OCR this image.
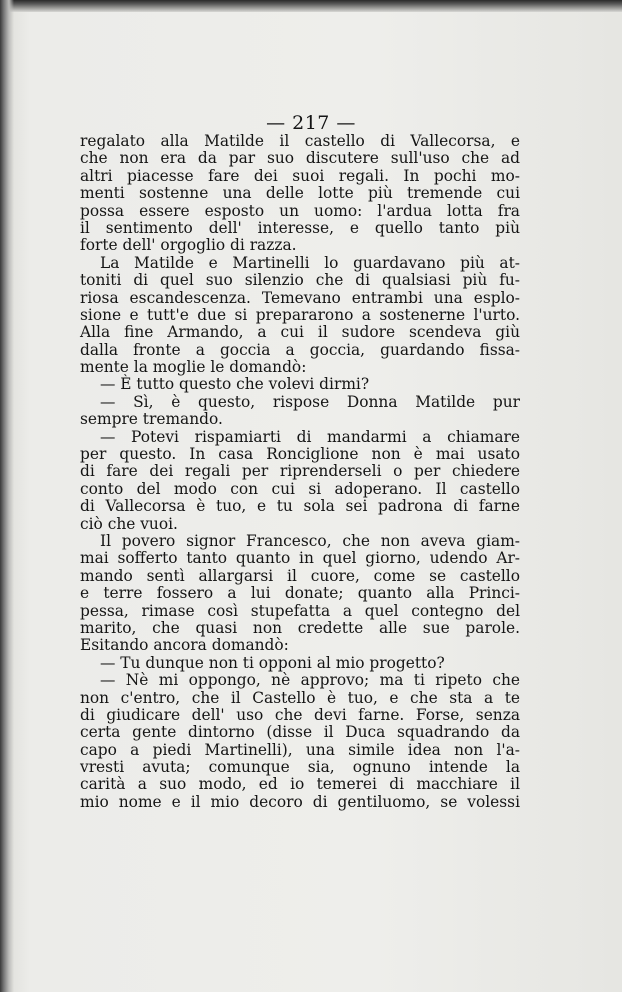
— 217 —
regalato alla Matilde il castello di Vallecorsa, e
che non era da par suo discutere sull'uso che ad
altri piacesse fare dei suoi regali. In pochi mo-
menti sostenne una delle lotte più tremende cui
possa essere esposto un uomo: l'ardua lotta fra
il sentimento dell' interesse, e quello tanto più
forte dell' orgoglio di razza.
La Matilde e Martinelli lo guardavano più at-
toniti di quel suo silenzio che di qualsiasi più fu-
riosa escandescenza. Temevano entrambi una esplo-
sione e tutt'e due si prepararono a sostenerne l'urto.
Alla fine Armando, a cui il sudore scendeva giù
dalla fronte a goccia a goccia, guardando fissa-
mente la moglie le domandò:
— È tutto questo che volevi dirmi?
— Sì, è questo, rispose Donna Matilde pur
sempre tremando.
— Potevi rispamiarti di mandarmi a chiamare
per questo. In casa Ronciglione non è mai usato
di fare dei regali per riprenderseli o per chiedere
conto del modo con cui si adoperano. Il castello
di Vallecorsa è tuo, e tu sola sei padrona di farne
ciò che vuoi.
Il povero signor Francesco, che non aveva giam-
mai sofferto tanto quanto in quel giorno, udendo Ar-
mando sentì allargarsi il cuore, come se castello
e terre fossero a lui donate; quanto alla Princi-
pessa, rimase così stupefatta a quel contegno del
marito, che quasi non credette alle sue parole.
Esitando ancora domandò:
— Tu dunque non ti opponi al mio progetto?
— Nè mi oppongo, nè approvo; ma ti ripeto che
non c'entro, che il Castello è tuo, e che sta a te
di giudicare dell' uso che devi farne. Forse, senza
certa gente dintorno (disse il Duca squadrando da
capo a piedi Martinelli), una simile idea non l'a-
vresti avuta; comunque sia, ognuno intende la
carità a suo modo, ed io temerei di macchiare il
mio nome e il mio decoro di gentiluomo, se volessi
